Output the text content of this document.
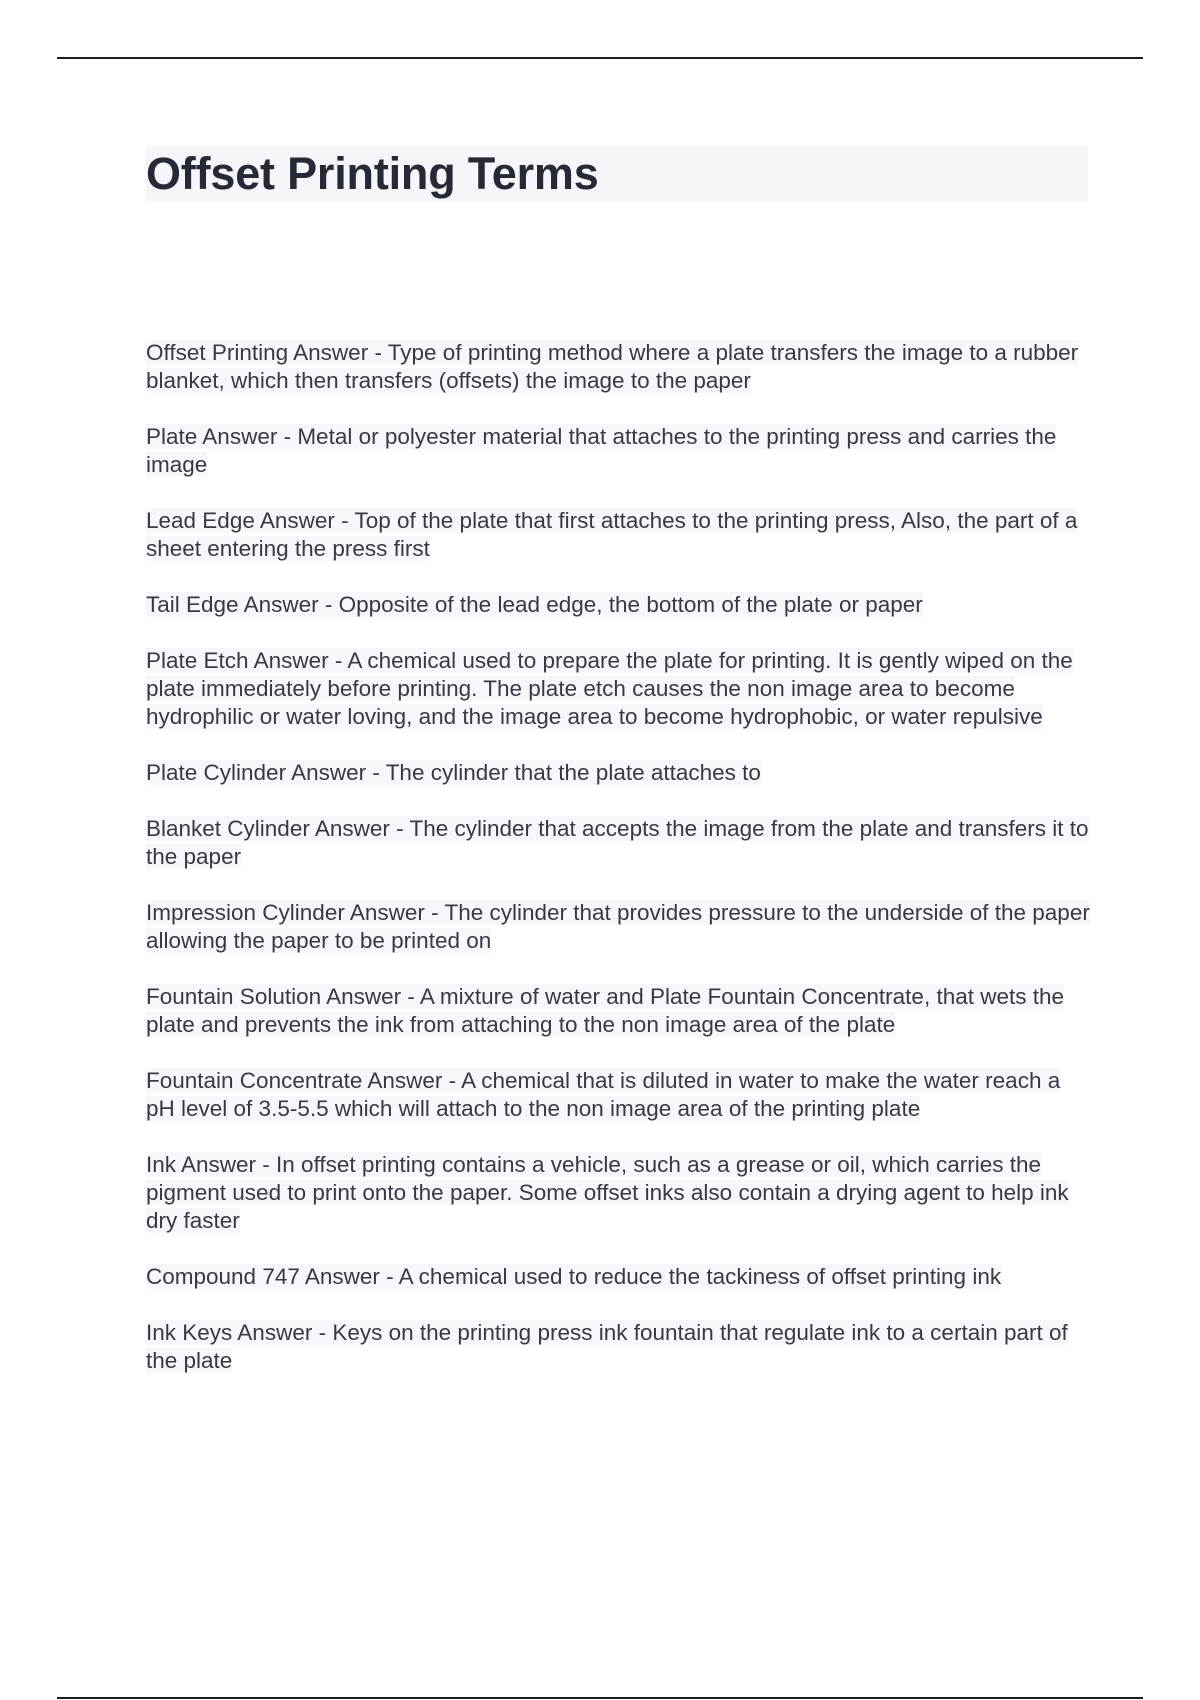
Offset Printing Terms
Offset Printing Answer - Type of printing method where a plate transfers the image to a rubber blanket, which then transfers (offsets) the image to the paper
Plate Answer - Metal or polyester material that attaches to the printing press and carries the image
Lead Edge Answer - Top of the plate that first attaches to the printing press, Also, the part of a sheet entering the press first
Tail Edge Answer - Opposite of the lead edge, the bottom of the plate or paper
Plate Etch Answer - A chemical used to prepare the plate for printing. It is gently wiped on the plate immediately before printing. The plate etch causes the non image area to become hydrophilic or water loving, and the image area to become hydrophobic, or water repulsive
Plate Cylinder Answer - The cylinder that the plate attaches to
Blanket Cylinder Answer - The cylinder that accepts the image from the plate and transfers it to the paper
Impression Cylinder Answer - The cylinder that provides pressure to the underside of the paper allowing the paper to be printed on
Fountain Solution Answer - A mixture of water and Plate Fountain Concentrate, that wets the plate and prevents the ink from attaching to the non image area of the plate
Fountain Concentrate Answer - A chemical that is diluted in water to make the water reach a pH level of 3.5-5.5 which will attach to the non image area of the printing plate
Ink Answer - In offset printing contains a vehicle, such as a grease or oil, which carries the pigment used to print onto the paper. Some offset inks also contain a drying agent to help ink dry faster
Compound 747 Answer - A chemical used to reduce the tackiness of offset printing ink
Ink Keys Answer - Keys on the printing press ink fountain that regulate ink to a certain part of the plate
